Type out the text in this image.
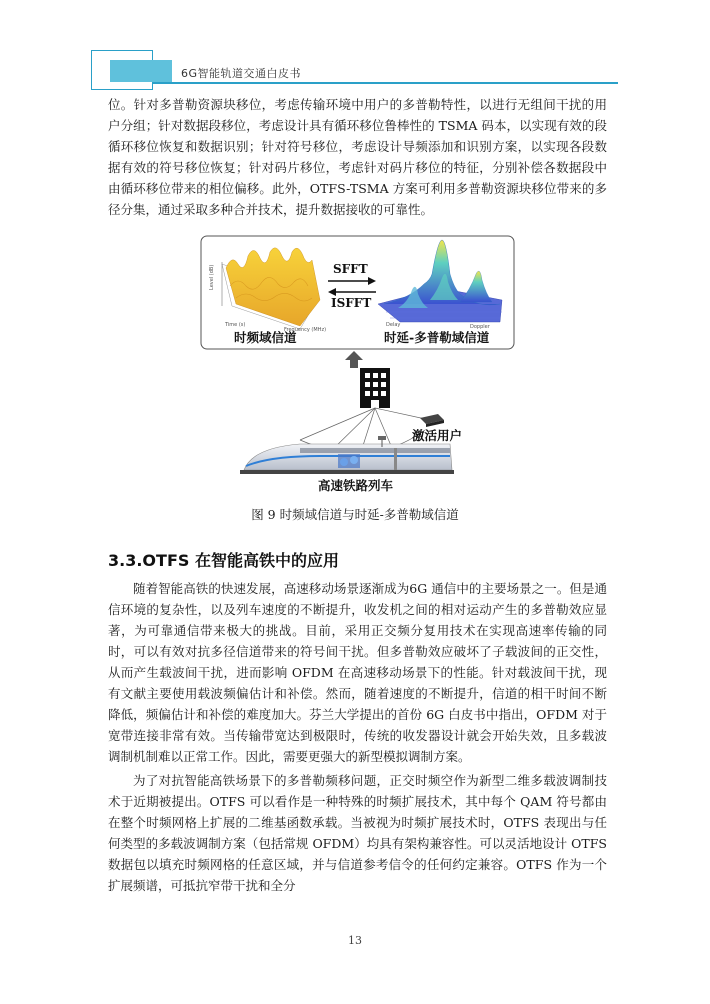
6G智能轨道交通白皮书

位。针对多普勒资源块移位，考虑传输环境中用户的多普勒特性，以进行无组间干扰的用户分组；针对数据段移位，考虑设计具有循环移位鲁棒性的 TSMA 码本，以实现有效的段循环移位恢复和数据识别；针对符号移位，考虑设计导频添加和识别方案，以实现各段数据有效的符号移位恢复；针对码片移位，考虑针对码片移位的特征，分别补偿各数据段中由循环移位带来的相位偏移。此外，OTFS-TSMA 方案可利用多普勒资源块移位带来的多径分集，通过采取多种合并技术，提升数据接收的可靠性。

Level (dB)
Time (s)
Frequency (MHz)
SFFT
ISFFT
Delay	Doppler
时频域信道	时延-多普勒域信道
激活用户
高速铁路列车
图 9 时频域信道与时延-多普勒域信道
3.3.OTFS 在智能高铁中的应用

随着智能高铁的快速发展，高速移动场景逐渐成为6G 通信中的主要场景之一。但是通信环境的复杂性，以及列车速度的不断提升，收发机之间的相对运动产生的多普勒效应显著，为可靠通信带来极大的挑战。目前，采用正交频分复用技术在实现高速率传输的同时，可以有效对抗多径信道带来的符号间干扰。但多普勒效应破坏了子载波间的正交性，从而产生载波间干扰，进而影响 OFDM 在高速移动场景下的性能。针对载波间干扰，现有文献主要使用载波频偏估计和补偿。然而，随着速度的不断提升，信道的相干时间不断降低，频偏估计和补偿的难度加大。芬兰大学提出的首份 6G 白皮书中指出，OFDM 对于宽带连接非常有效。当传输带宽达到极限时，传统的收发器设计就会开始失效，且多载波调制机制难以正常工作。因此，需要更强大的新型模拟调制方案。

为了对抗智能高铁场景下的多普勒频移问题，正交时频空作为新型二维多载波调制技术于近期被提出。OTFS 可以看作是一种特殊的时频扩展技术，其中每个 QAM 符号都由在整个时频网格上扩展的二维基函数承载。当被视为时频扩展技术时，OTFS 表现出与任何类型的多载波调制方案（包括常规 OFDM）均具有架构兼容性。可以灵活地设计 OTFS 数据包以填充时频网格的任意区域，并与信道参考信令的任何约定兼容。OTFS 作为一个扩展频谱，可抵抗窄带干扰和全分

13
